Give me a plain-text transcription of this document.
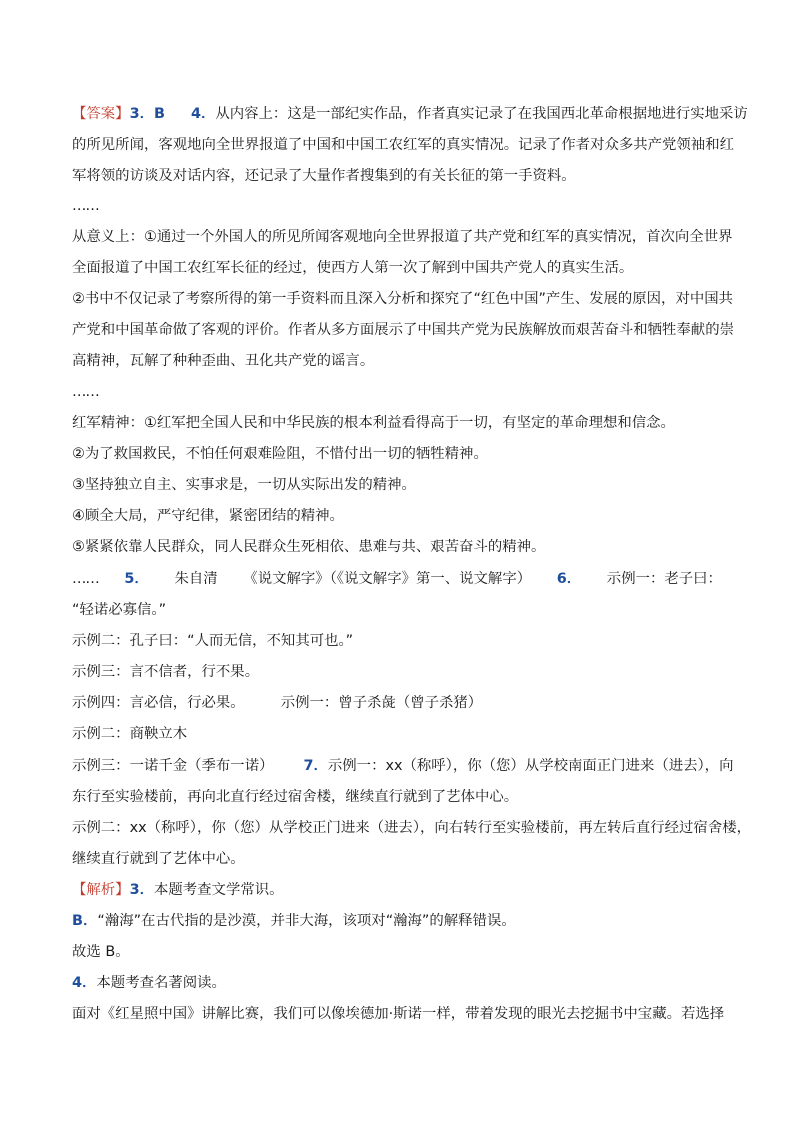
【答案】3．B 4．从内容上：这是一部纪实作品，作者真实记录了在我国西北革命根据地进行实地采访
的所见所闻，客观地向全世界报道了中国和中国工农红军的真实情况。记录了作者对众多共产党领袖和红
军将领的访谈及对话内容，还记录了大量作者搜集到的有关长征的第一手资料。
……
从意义上：①通过一个外国人的所见所闻客观地向全世界报道了共产党和红军的真实情况，首次向全世界
全面报道了中国工农红军长征的经过，使西方人第一次了解到中国共产党人的真实生活。
②书中不仅记录了考察所得的第一手资料而且深入分析和探究了“红色中国”产生、发展的原因，对中国共
产党和中国革命做了客观的评价。作者从多方面展示了中国共产党为民族解放而艰苦奋斗和牺牲奉献的崇
高精神，瓦解了种种歪曲、丑化共产党的谣言。
……
红军精神：①红军把全国人民和中华民族的根本利益看得高于一切，有坚定的革命理想和信念。
②为了救国救民，不怕任何艰难险阻，不惜付出一切的牺牲精神。
③坚持独立自主、实事求是，一切从实际出发的精神。
④顾全大局，严守纪律，紧密团结的精神。
⑤紧紧依靠人民群众，同人民群众生死相依、患难与共、艰苦奋斗的精神。
…… 5． 朱自清 《说文解字》（《说文解字》第一、说文解字） 6． 示例一：老子曰：
“轻诺必寡信。”
示例二：孔子曰：“人而无信，不知其可也。”
示例三：言不信者，行不果。
示例四：言必信，行必果。	示例一：曾子杀彘（曾子杀猪）
示例二：商鞅立木
示例三：一诺千金（季布一诺） 7．示例一：xx（称呼），你（您）从学校南面正门进来（进去），向
东行至实验楼前，再向北直行经过宿舍楼，继续直行就到了艺体中心。
示例二：xx（称呼），你（您）从学校正门进来（进去），向右转行至实验楼前，再左转后直行经过宿舍楼，
继续直行就到了艺体中心。
【解析】3．本题考查文学常识。
B．“瀚海”在古代指的是沙漠，并非大海，该项对“瀚海”的解释错误。
故选 B。
4．本题考查名著阅读。
面对《红星照中国》讲解比赛，我们可以像埃德加·斯诺一样，带着发现的眼光去挖掘书中宝藏。若选择
